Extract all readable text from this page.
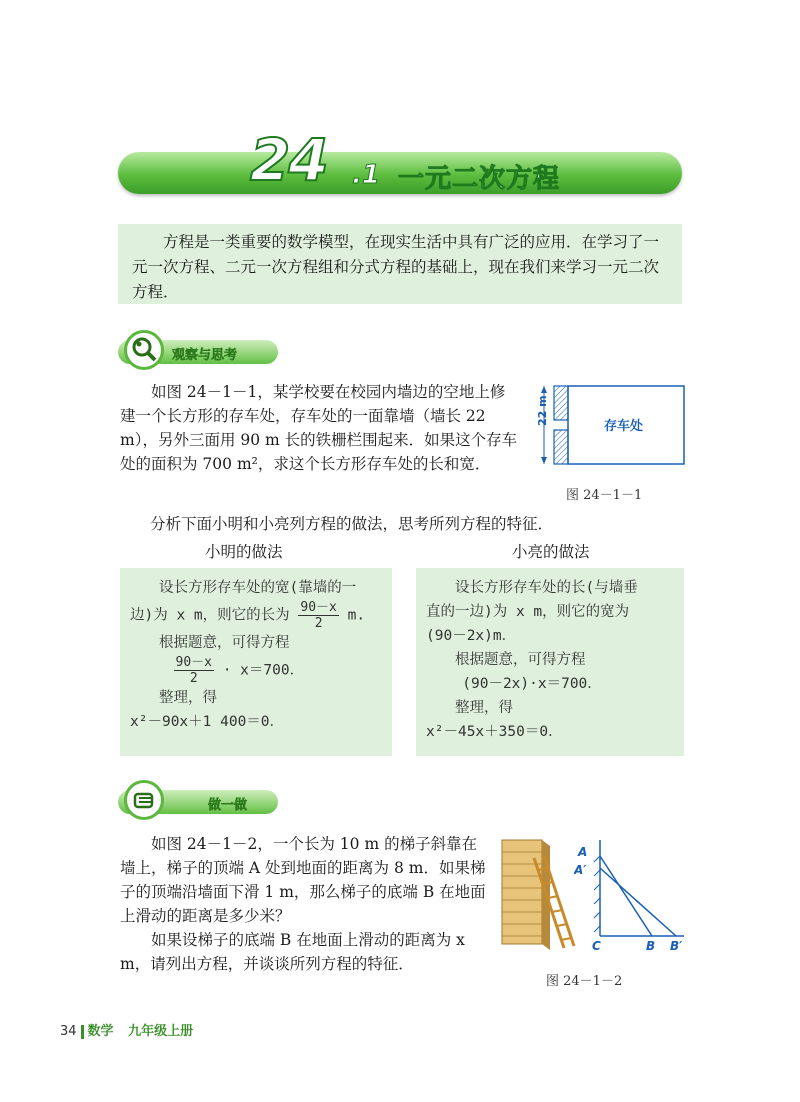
24 .1 一元二次方程
方程是一类重要的数学模型，在现实生活中具有广泛的应用．在学习了一元一次方程、二元一次方程组和分式方程的基础上，现在我们来学习一元二次方程．
观察与思考
如图 24－1－1，某学校要在校园内墙边的空地上修建一个长方形的存车处，存车处的一面靠墙（墙长 22 m），另外三面用 90 m 长的铁栅栏围起来．如果这个存车处的面积为 700 m²，求这个长方形存车处的长和宽．
22 m
存车处
图 24－1－1
分析下面小明和小亮列方程的做法，思考所列方程的特征．
小明的做法	小亮的做法
设长方形存车处的宽(靠墙的一
边)为 x m，则它的长为 $\frac{90-x}{2} m$.
根据题意，可得方程
$\frac{90-x}{2} \cdot x=700$．
整理，得
x²－90x＋1 400＝0．
设长方形存车处的长(与墙垂
直的一边)为 x m，则它的宽为
(90－2x)m．
根据题意，可得方程
(90－2x)·x＝700．
整理，得
x²－45x＋350＝0．
做一做
如图 24－1－2，一个长为 10 m 的梯子斜靠在墙上，梯子的顶端 A 处到地面的距离为 8 m．如果梯子的顶端沿墙面下滑 1 m，那么梯子的底端 B 在地面上滑动的距离是多少米？
如果设梯子的底端 B 在地面上滑动的距离为 x m，请列出方程，并谈谈所列方程的特征．
A
A′
C	B B′
图 24－1－2
34 数学 九年级上册
